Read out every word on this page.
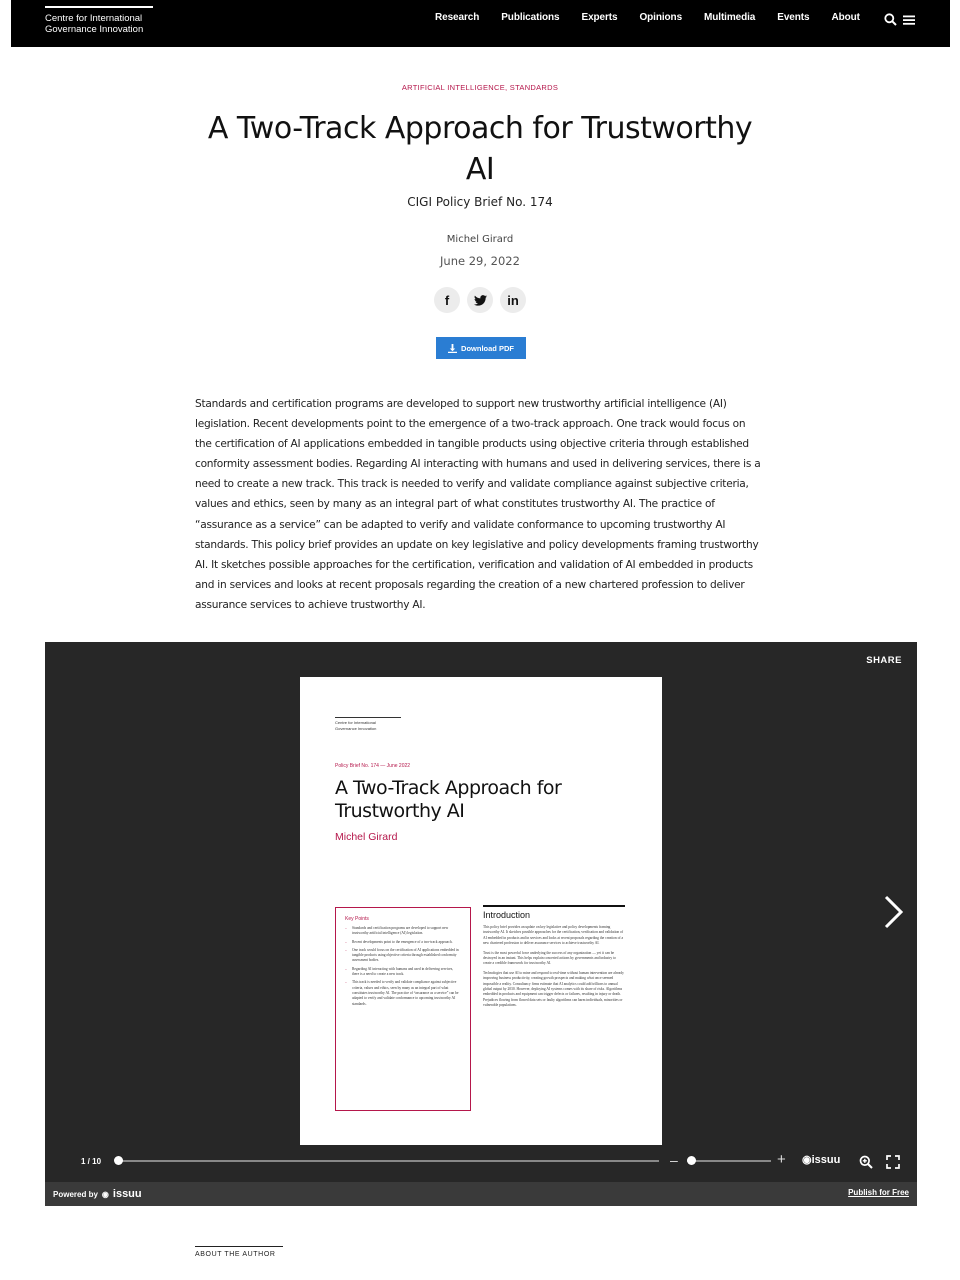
Centre for International
Governance Innovation
Research Publications Experts Opinions Multimedia Events About
ARTIFICIAL INTELLIGENCE, STANDARDS
A Two-Track Approach for Trustworthy AI
CIGI Policy Brief No. 174
Michel Girard
June 29, 2022
f	in
Download PDF

Standards and certification programs are developed to support new trustworthy artificial intelligence (AI) legislation. Recent developments point to the emergence of a two-track approach. One track would focus on the certification of AI applications embedded in tangible products using objective criteria through established conformity assessment bodies. Regarding AI interacting with humans and used in delivering services, there is a need to create a new track. This track is needed to verify and validate compliance against subjective criteria, values and ethics, seen by many as an integral part of what constitutes trustworthy AI. The practice of “assurance as a service” can be adapted to verify and validate conformance to upcoming trustworthy AI standards. This policy brief provides an update on key legislative and policy developments framing trustworthy AI. It sketches possible approaches for the certification, verification and validation of AI embedded in products and in services and looks at recent proposals regarding the creation of a new chartered profession to deliver assurance services to achieve trustworthy AI.

SHARE
Centre for International
Governance Innovation
Policy Brief No. 174 — June 2022
A Two-Track Approach for Trustworthy AI
Michel Girard
Key Points
– Standards and certification programs are developed to support new trustworthy artificial intelligence (AI) legislation.
– Recent developments point to the emergence of a two-track approach.
– One track would focus on the certification of AI applications embedded in tangible products using objective criteria through established conformity assessment bodies.
– Regarding AI interacting with humans and used in delivering services, there is a need to create a new track.
– This track is needed to verify and validate compliance against subjective criteria, values and ethics, seen by many as an integral part of what constitutes trustworthy AI. The practice of “assurance as a service” can be adapted to verify and validate conformance to upcoming trustworthy AI standards.
Introduction
This policy brief provides an update on key legislative and policy developments framing trustworthy AI. It sketches possible approaches for the certification, verification and validation of AI embedded in products and in services and looks at recent proposals regarding the creation of a new chartered profession to deliver assurance services to achieve trustworthy AI.
Trust is the most powerful force underlying the success of any organization — yet it can be destroyed in an instant. This helps explain concerted actions by governments and industry to create a credible framework for trustworthy AI.
Technologies that use AI to mine and respond to real-time without human intervention are already improving business productivity, creating growth prospects and making what once seemed impossible a reality. Consultancy firms estimate that AI analytics could add trillions to annual global output by 2030. However, deploying AI systems comes with its share of risks. Algorithms embedded in products and equipment can trigger defects or failures, resulting in injury or death. Prejudices flowing from flawed data sets or faulty algorithms can harm individuals, minorities or vulnerable populations.
1 / 10	–	+ ◉issuu
Powered by ◉ issuu	Publish for Free
ABOUT THE AUTHOR
